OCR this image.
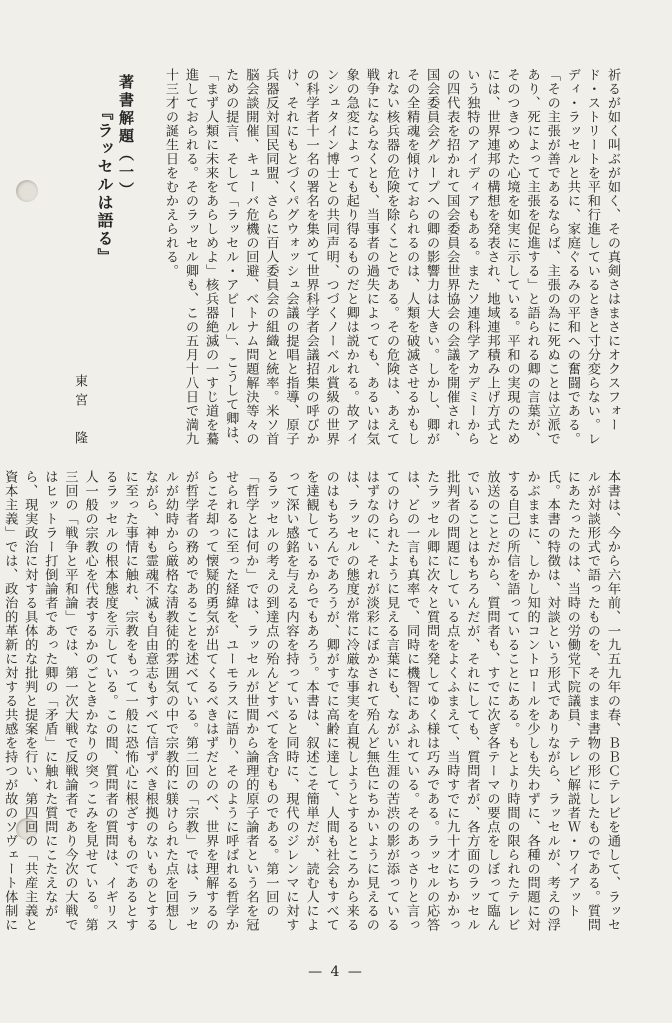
祈るが如く叫ぶが如く、その真剣さはまさにオクスフォード・ストリートを平和行進しているときと寸分変らない。レディ・ラッセルと共に、家庭ぐるみの平和への奮闘である。「その主張が善であるならば、主張の為に死ぬことは立派であり、死によって主張を促進する」と語られる卿の言葉が、そのつきつめた心境を如実に示している。平和の実現のためには、世界連邦の構想を発表され、地域連邦積み上げ方式という独特のアイディアもある。またソ連科学アカデミーからの四代表を招かれて国会委員会世界協会の会議を開催され、国会委員会グループへの卿の影響力は大きい。しかし、卿がその全精魂を傾けておられるのは、人類を破滅させるかもしれない核兵器の危険を除くことである。その危険は、あえて戦争にならなくとも、当事者の過失によっても、あるいは気象の急変によっても起り得るものだと卿は説かれる。故アインシュタイン博士との共同声明、つづくノーベル賞級の世界の科学者十一名の署名を集めて世界科学者会議招集の呼びかけ、それにもとづくパグウォッシュ会議の提唱と指導、原子兵器反対国民同盟、さらに百人委員会の組織と統率。米ソ首脳会談開催、キューバ危機の回避、ベトナム問題解決等々のための提言、そして「ラッセル・アピール」、こうして卿は、「まず人類に未来をあらしめよ」核兵器絶滅の一すじ道を驀進しておられる。そのラッセル卿も、この五月十八日で満九十三才の誕生日をむかえられる。
著書解題（一）
『ラッセルは語る』
東宮　隆
本書は、今から六年前、一九五九年の春、ＢＢＣテレビを通して、ラッセルが対談形式で語ったものを、そのまま書物の形にしたものである。質問にあたったのは、当時の労働党下院議員、テレビ解説者Ｗ・ワイアット氏。本書の特徴は、対談という形式でありながら、ラッセルが、考えの浮かぶままに、しかし知的コントロールを少しも失わずに、各種の問題に対する自己の所信を語っていることにある。もとより時間の限られたテレビ放送のことだから、質問者も、すでに次ぎ各テーマの要点をしぼって臨んでいることはもちろんだが、それにしても、質問者が、各方面のラッセル批判者の問題にしている点をよくふまえて、当時すでに九十才にちかかったラッセル卿に次々と質問を発してゆく様は巧みである。ラッセルの応答は、どの一言も真率で、同時に機智にあふれている。そのあっさりと言ってのけられたように見える言葉にも、ながい生涯の苦渋の影が添っているはずなのに、それが淡彩にぼかされて殆んど無色にちかいように見えるのは、ラッセルの態度が常に冷厳な事実を直視しようとするところから来るのはもちろんであろうが、卿がすでに高齢に達して、人間も社会もすべてを達観しているからでもあろう。本書は、叙述こそ簡単だが、読む人によって深い感銘を与える内容を持っていると同時に、現代のジレンマに対するラッセルの考えの到達点の殆んどすべてを含むものである。第一回の「哲学とは何か」では、ラッセルが世間から論理的原子論者という名を冠せられるに至った経緯を、ユーモラスに語り、そのように呼ばれる哲学からこそ却って懐疑的勇気が出てくるべきはずだとのべ、世界を理解するのが哲学者の務めであることを述べている。第二回の「宗教」では、ラッセルが幼時から厳格な清教徒的雰囲気の中で宗教的に躾けられた点を回想しながら、神も霊魂不滅も自由意志もすべて信ずべき根拠のないものとするに至った事情に触れ、宗教をもって一般に恐怖心に根ざすものであるとするラッセルの根本態度を示している。この間、質問者の質問は、イギリス人一般の宗教心を代表するかのごときかなりの突っこみを見せている。第三回の「戦争と平和論」では、第一次大戦で反戦論者であり今次の大戦ではヒットラー打倒論者であった卿の「矛盾」に触れた質問にこたえながら、現実政治に対する具体的な批判と提案を行い、第四回の「共産主義と資本主義」では、政治的革新に対する共感を持つが故のソヴェート体制に
— 4 —
